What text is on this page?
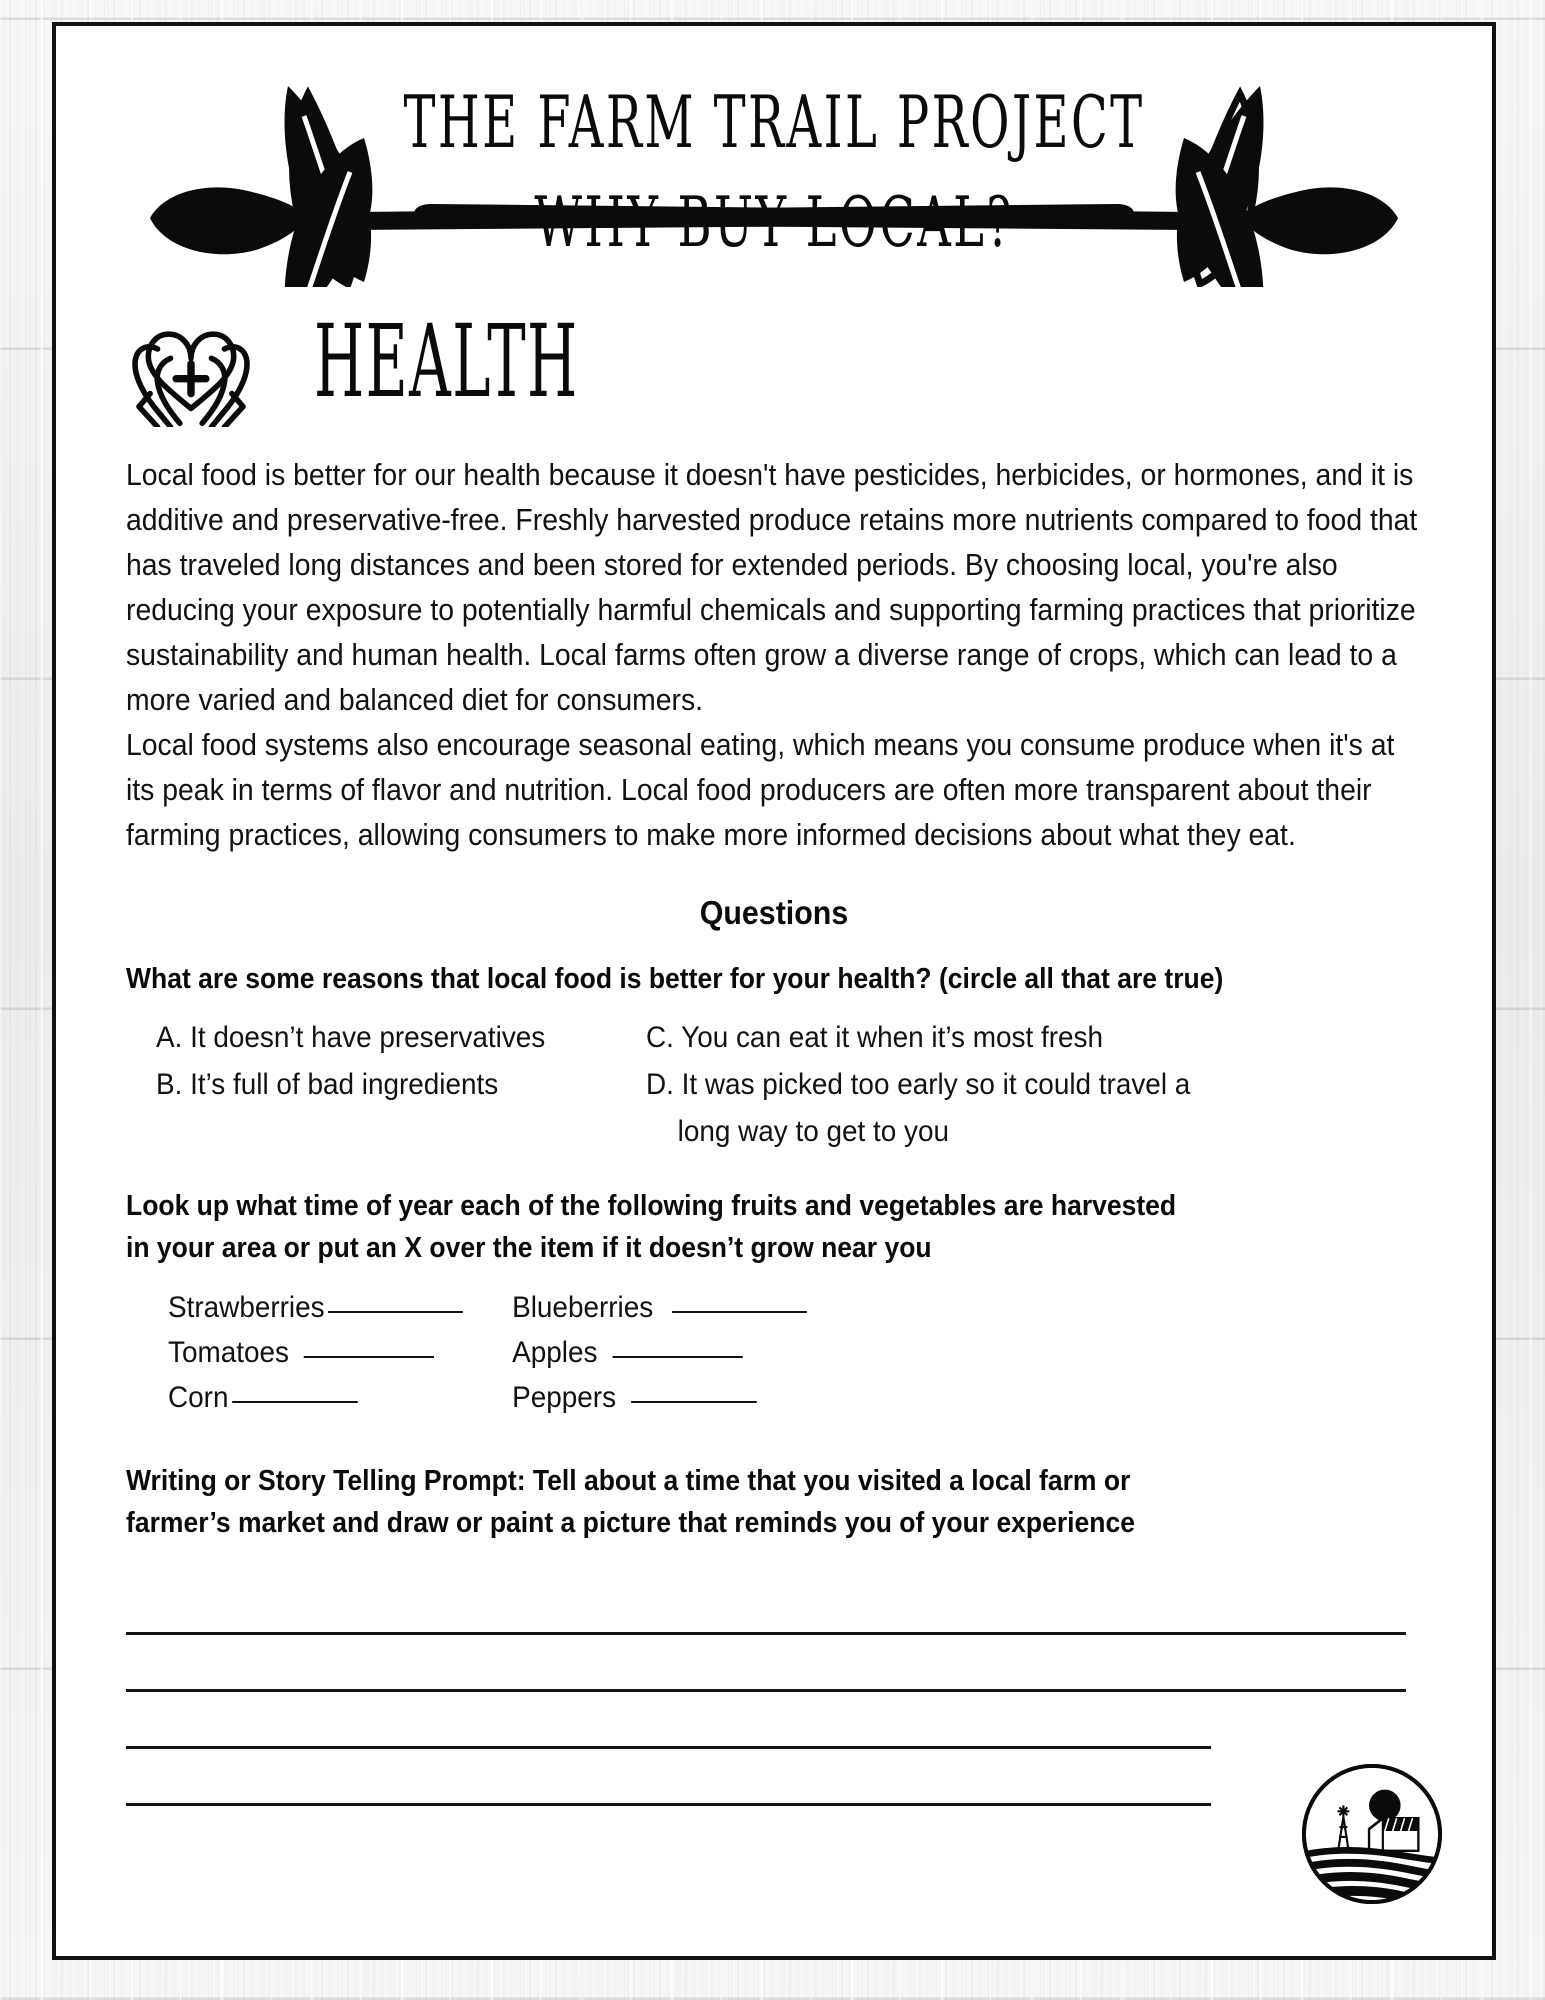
THE FARM TRAIL PROJECT
WHY BUY LOCAL?
HEALTH

Local food is better for our health because it doesn't have pesticides, herbicides, or hormones, and it is additive and preservative-free. Freshly harvested produce retains more nutrients compared to food that has traveled long distances and been stored for extended periods. By choosing local, you're also reducing your exposure to potentially harmful chemicals and supporting farming practices that prioritize sustainability and human health. Local farms often grow a diverse range of crops, which can lead to a more varied and balanced diet for consumers.

Local food systems also encourage seasonal eating, which means you consume produce when it's at its peak in terms of flavor and nutrition. Local food producers are often more transparent about their farming practices, allowing consumers to make more informed decisions about what they eat.

Questions
What are some reasons that local food is better for your health? (circle all that are true)
A. It doesn’t have preservatives
B. It’s full of bad ingredients
C. You can eat it when it’s most fresh
D. It was picked too early so it could travel a
long way to get to you
Look up what time of year each of the following fruits and vegetables are harvested
in your area or put an X over the item if it doesn’t grow near you
Strawberries	Blueberries
Tomatoes	Apples
Corn	Peppers
Writing or Story Telling Prompt: Tell about a time that you visited a local farm or
farmer’s market and draw or paint a picture that reminds you of your experience
